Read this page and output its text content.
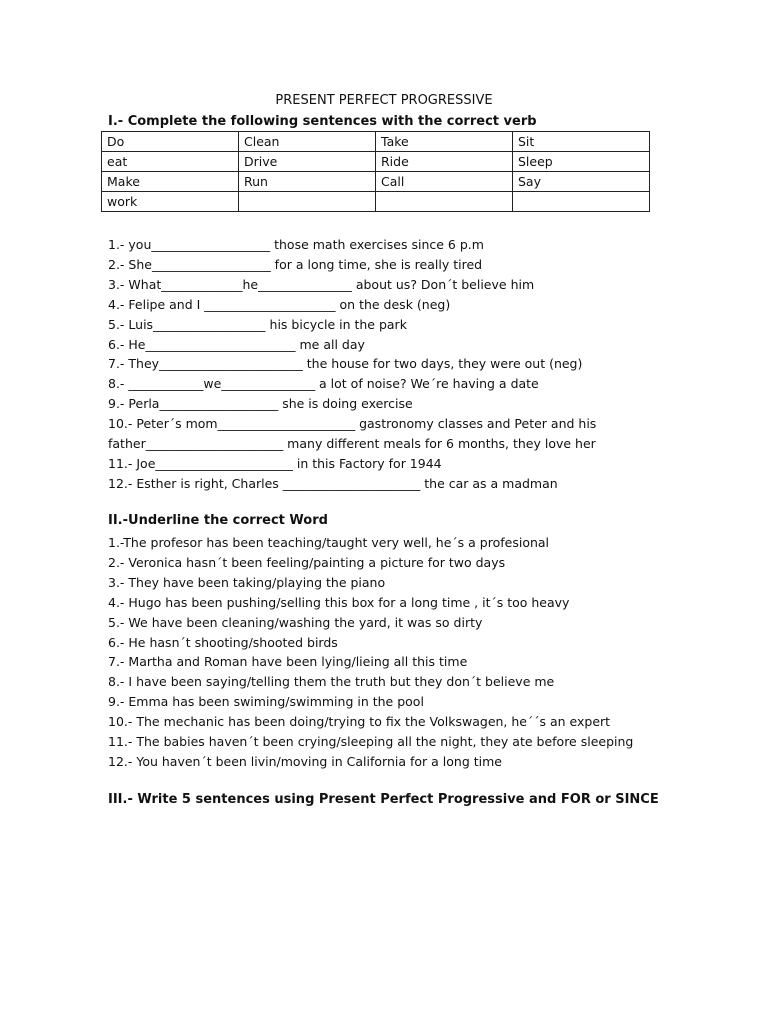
PRESENT PERFECT PROGRESSIVE
I.- Complete the following sentences with the correct verb
Do	Clean	Take	Sit
eat	Drive	Ride	Sleep
Make	Run	Call	Say
work			
1.- you___________________ those math exercises since 6 p.m
2.- She___________________ for a long time, she is really tired
3.- What_____________he_______________ about us? Don´t believe him
4.- Felipe and I _____________________ on the desk (neg)
5.- Luis__________________ his bicycle in the park
6.- He________________________ me all day
7.- They_______________________ the house for two days, they were out (neg)
8.- ____________we_______________ a lot of noise? We´re having a date
9.- Perla___________________ she is doing exercise
10.- Peter´s mom______________________ gastronomy classes and Peter and his
father______________________ many different meals for 6 months, they love her
11.- Joe______________________ in this Factory for 1944
12.- Esther is right, Charles ______________________ the car as a madman
II.-Underline the correct Word
1.-The profesor has been teaching/taught very well, he´s a profesional
2.- Veronica hasn´t been feeling/painting a picture for two days
3.- They have been taking/playing the piano
4.- Hugo has been pushing/selling this box for a long time , it´s too heavy
5.- We have been cleaning/washing the yard, it was so dirty
6.- He hasn´t shooting/shooted birds
7.- Martha and Roman have been lying/lieing all this time
8.- I have been saying/telling them the truth but they don´t believe me
9.- Emma has been swiming/swimming in the pool
10.- The mechanic has been doing/trying to fix the Volkswagen, he´´s an expert
11.- The babies haven´t been crying/sleeping all the night, they ate before sleeping
12.- You haven´t been livin/moving in California for a long time
III.- Write 5 sentences using Present Perfect Progressive and FOR or SINCE
